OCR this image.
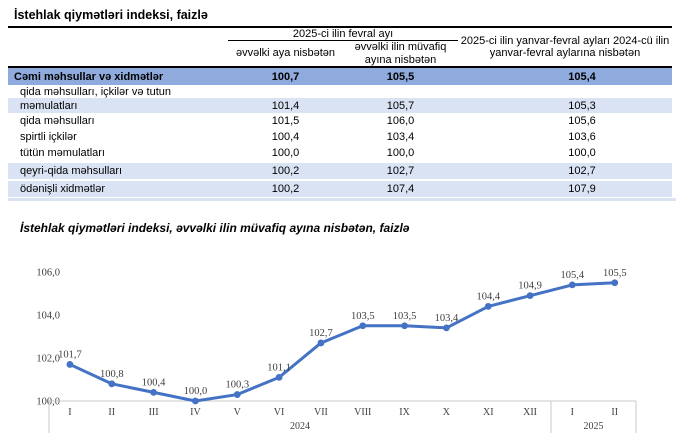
İstehlak qiymətləri indeksi, faizlə
		2025-ci ilin fevral ayı		2025-ci ilin yanvar-fevral ayları 2024-cü ilin yanvar-fevral aylarına nisbətən
		əvvəlki aya nisbətən	əvvəlki ilin müvafiq ayına nisbətən	
Cəmi məhsullar və xidmətlər		100,7	105,5	105,4
	qida məhsulları, içkilər və tutun			
	məmulatları	101,4	105,7	105,3
	qida məhsulları	101,5	106,0	105,6
	spirtli içkilər	100,4	103,4	103,6
	tütün məmulatları	100,0	100,0	100,0
	qeyri-qida məhsulları	100,2	102,7	102,7
	ödənişli xidmətlər	100,2	107,4	107,9
İstehlak qiymətləri indeksi, əvvəlki ilin müvafiq ayına nisbətən, faizlə
100,0
102,0
104,0
106,0
I	II	III	IV	V	VI	VII	VIII	IX	X	XI	XII	I	II
2024	2025
101,7
100,8
100,4
100,0
100,3
101,1
102,7
103,5 103,5 103,4
104,4
104,9
105,4 105,5
